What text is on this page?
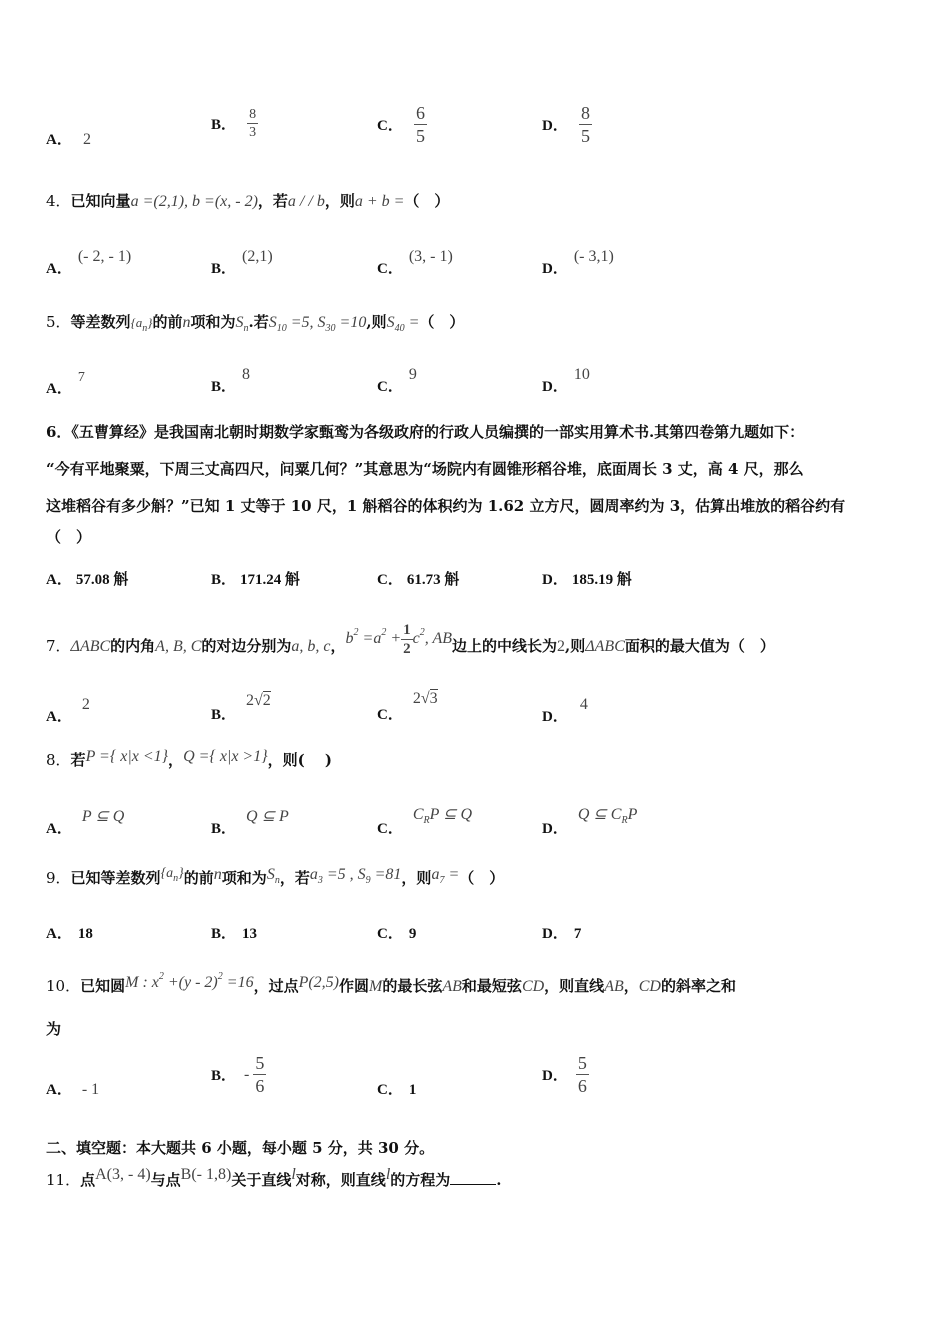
A． 2
B． $\frac{8}{3}$	C． $\frac{6}{5}$	D． $\frac{8}{5}$
4．已知向量a =(2,1), b =(x, - 2)，若a / / b，则a + b =（　）
A．(- 2, - 1)
B．(2,1)
C．(3, - 1)
D．(- 3,1)
5．等差数列$\{a_n\}$的前n项和为$S_n$.若$S_{10} =5$, $S_{30} =10$,则$S_{40}$ =（　）
A．7
B．8
C．9
D．10
6．《五曹算经》是我国南北朝时期数学家甄鸾为各级政府的行政人员编撰的一部实用算术书.其第四卷第九题如下：
“今有平地聚粟，下周三丈高四尺，问粟几何？”其意思为“场院内有圆锥形稻谷堆，底面周长 3 丈，高 4 尺，那么
这堆稻谷有多少斛？”已知 1 丈等于 10 尺，1 斛稻谷的体积约为 1.62 立方尺，圆周率约为 3，估算出堆放的稻谷约有
（　）
A． 57.08 斛	B． 171.24 斛	C． 61.73 斛	D． 185.19 斛
7．ΔABC的内角A, B, C的对边分别为a, b, c，$b^2 =a^2 + \frac{1}{2} c^2$, AB边上的中线长为2,则ΔABC面积的最大值为（　）
A．2
B．2√2
C．2√3
D．4
8．若P ={ x|x <1}，Q ={ x|x >1}，则(　 )
A．P ⊆ Q
B．Q ⊆ P
C．$C_RP$ ⊆ Q
D．Q ⊆ $C_RP$
9．已知等差数列$\{a_n\}$的前n项和为$S_n$，若$a_3 =5$ , $S_9 =81$，则$a_7$ =（　）
A． 18	B． 13	C． 9	D． 7
10．已知圆M : $x^2 +(y - 2)^2 =16$，过点P(2,5)作圆M的最长弦AB和最短弦CD，则直线AB，CD的斜率之和
为
A． - 1
B． - $\frac{5}{6}$	C． 1
D． $\frac{5}{6}$
二、填空题：本大题共 6 小题，每小题 5 分，共 30 分。
11．点A(3, - 4)与点B(- 1,8)关于直线l对称，则直线l的方程为	.
